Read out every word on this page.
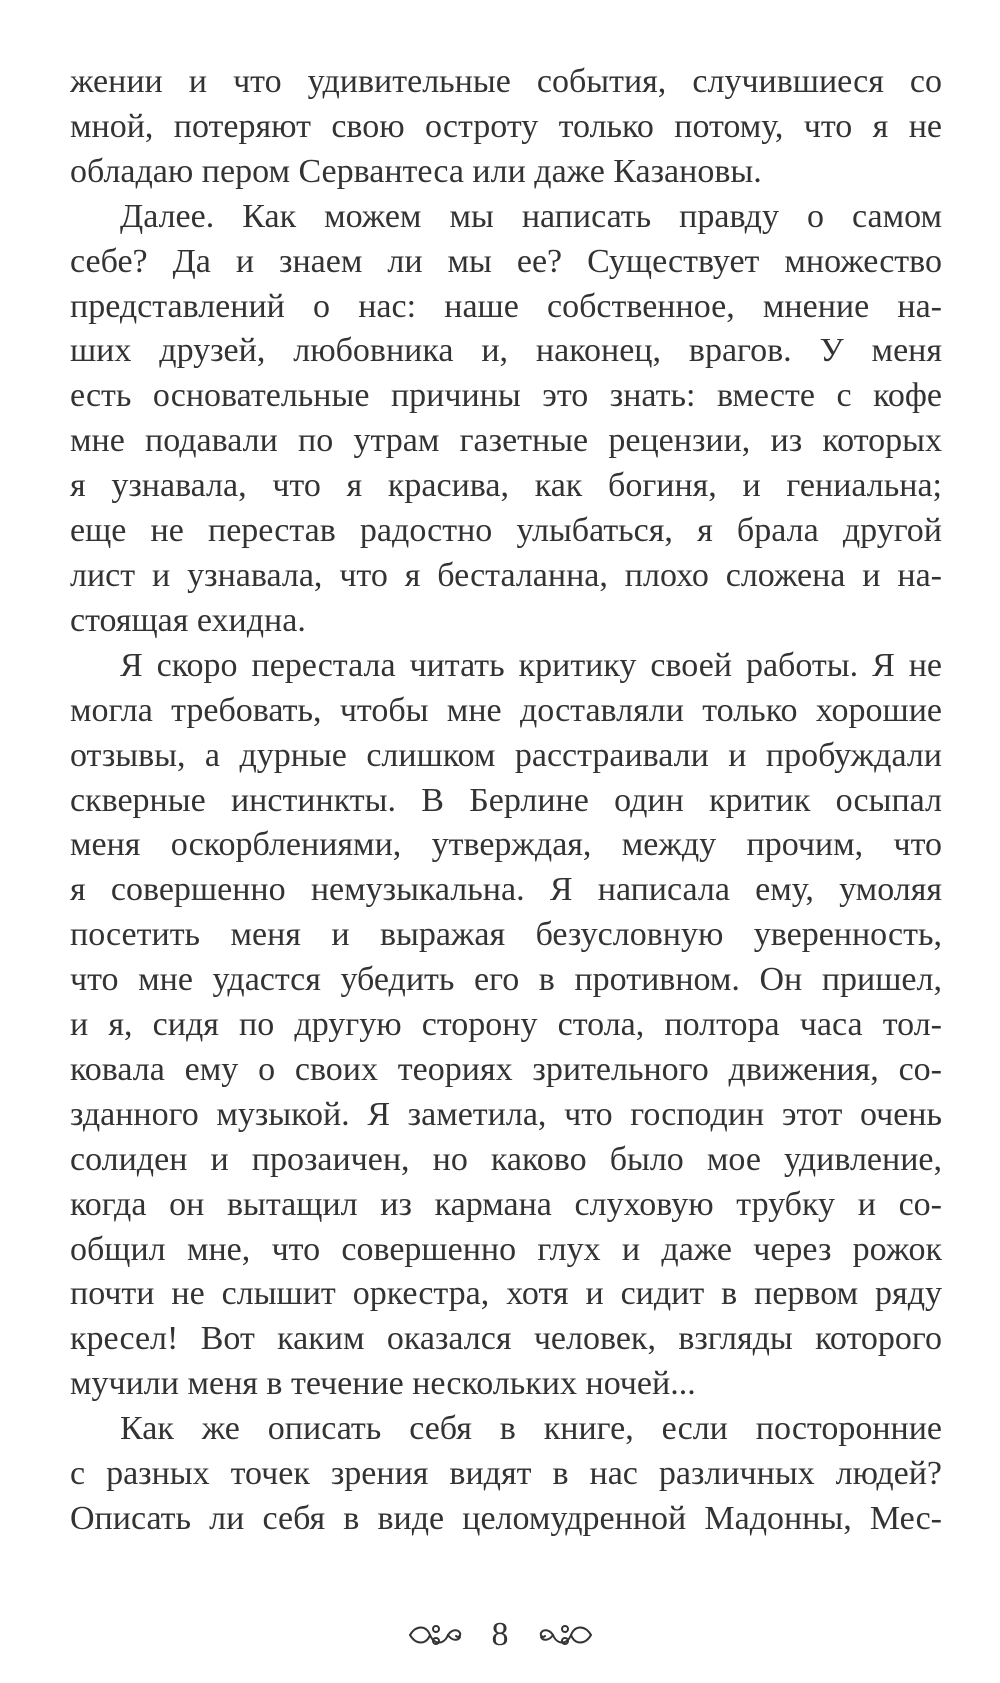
жении и что удивительные события, случившиеся со
мной, потеряют свою остроту только потому, что я не
обладаю пером Сервантеса или даже Казановы.

Далее. Как можем мы написать правду о самом
себе? Да и знаем ли мы ее? Существует множество
представлений о нас: наше собственное, мнение на-
ших друзей, любовника и, наконец, врагов. У меня
есть основательные причины это знать: вместе с кофе
мне подавали по утрам газетные рецензии, из которых
я узнавала, что я красива, как богиня, и гениальна;
еще не перестав радостно улыбаться, я брала другой
лист и узнавала, что я бесталанна, плохо сложена и на-
стоящая ехидна.

Я скоро перестала читать критику своей работы. Я не
могла требовать, чтобы мне доставляли только хорошие
отзывы, а дурные слишком расстраивали и пробуждали
скверные инстинкты. В Берлине один критик осыпал
меня оскорблениями, утверждая, между прочим, что
я совершенно немузыкальна. Я написала ему, умоляя
посетить меня и выражая безусловную уверенность,
что мне удастся убедить его в противном. Он пришел,
и я, сидя по другую сторону стола, полтора часа тол-
ковала ему о своих теориях зрительного движения, со-
зданного музыкой. Я заметила, что господин этот очень
солиден и прозаичен, но каково было мое удивление,
когда он вытащил из кармана слуховую трубку и со-
общил мне, что совершенно глух и даже через рожок
почти не слышит оркестра, хотя и сидит в первом ряду
кресел! Вот каким оказался человек, взгляды которого
мучили меня в течение нескольких ночей...

Как же описать себя в книге, если посторонние
с разных точек зрения видят в нас различных людей?
Описать ли себя в виде целомудренной Мадонны, Мес-

8
